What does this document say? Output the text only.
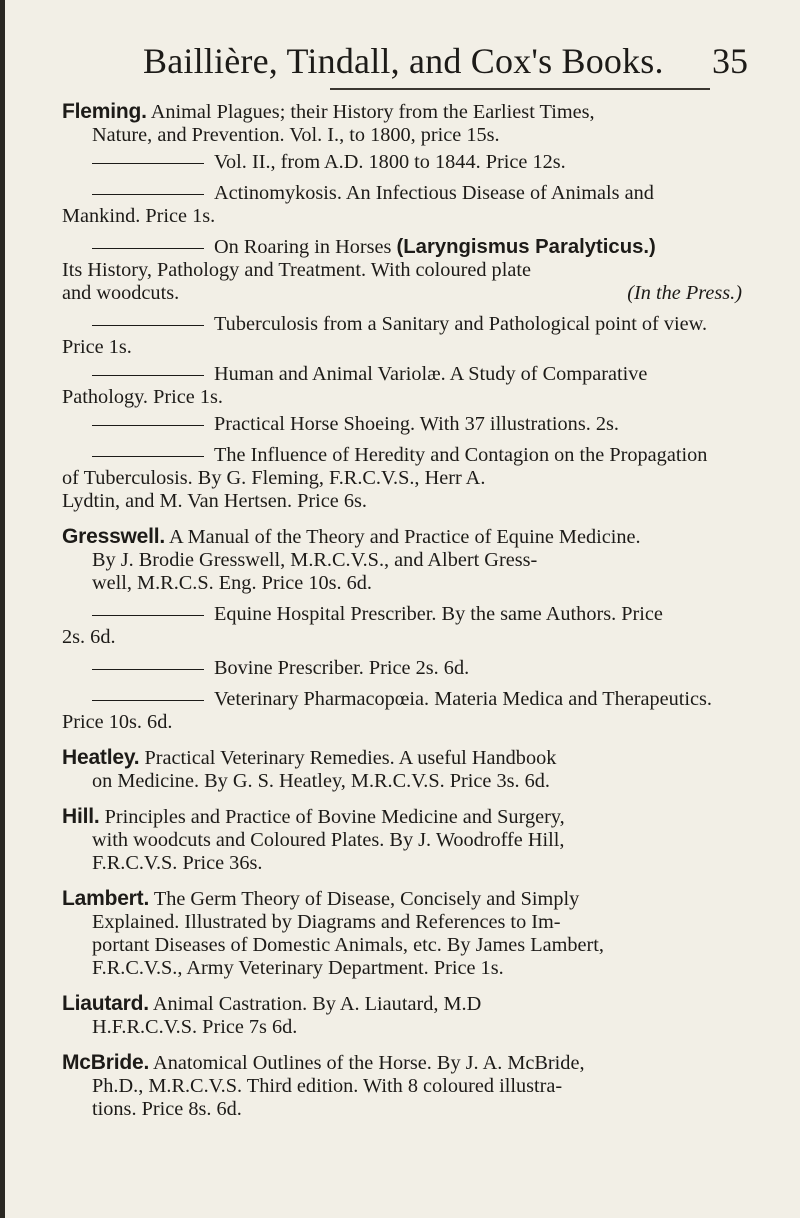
Baillière, Tindall, and Cox's Books. 35
Fleming. Animal Plagues; their History from the Earliest Times,
Nature, and Prevention. Vol. I., to 1800, price 15s.
Vol. II., from A.D. 1800 to 1844. Price 12s.
Actinomykosis. An Infectious Disease of Animals and
Mankind. Price 1s.
On Roaring in Horses (Laryngismus Paralyticus.)
Its History, Pathology and Treatment. With coloured plate
and woodcuts.	(In the Press.)
Tuberculosis from a Sanitary and Pathological point of view.
Price 1s.
Human and Animal Variolæ. A Study of Comparative
Pathology. Price 1s.
Practical Horse Shoeing. With 37 illustrations. 2s.
The Influence of Heredity and Contagion on the Propagation
of Tuberculosis. By G. Fleming, F.R.C.V.S., Herr A.
Lydtin, and M. Van Hertsen. Price 6s.
Gresswell. A Manual of the Theory and Practice of Equine Medicine.
By J. Brodie Gresswell, M.R.C.V.S., and Albert Gress-
well, M.R.C.S. Eng. Price 10s. 6d.
Equine Hospital Prescriber. By the same Authors. Price
2s. 6d.
Bovine Prescriber. Price 2s. 6d.
Veterinary Pharmacopœia. Materia Medica and Therapeutics.
Price 10s. 6d.
Heatley. Practical Veterinary Remedies. A useful Handbook
on Medicine. By G. S. Heatley, M.R.C.V.S. Price 3s. 6d.
Hill. Principles and Practice of Bovine Medicine and Surgery,
with woodcuts and Coloured Plates. By J. Woodroffe Hill,
F.R.C.V.S. Price 36s.
Lambert. The Germ Theory of Disease, Concisely and Simply
Explained. Illustrated by Diagrams and References to Im-
portant Diseases of Domestic Animals, etc. By James Lambert,
F.R.C.V.S., Army Veterinary Department. Price 1s.
Liautard. Animal Castration. By A. Liautard, M.D
H.F.R.C.V.S. Price 7s 6d.
McBride. Anatomical Outlines of the Horse. By J. A. McBride,
Ph.D., M.R.C.V.S. Third edition. With 8 coloured illustra-
tions. Price 8s. 6d.
